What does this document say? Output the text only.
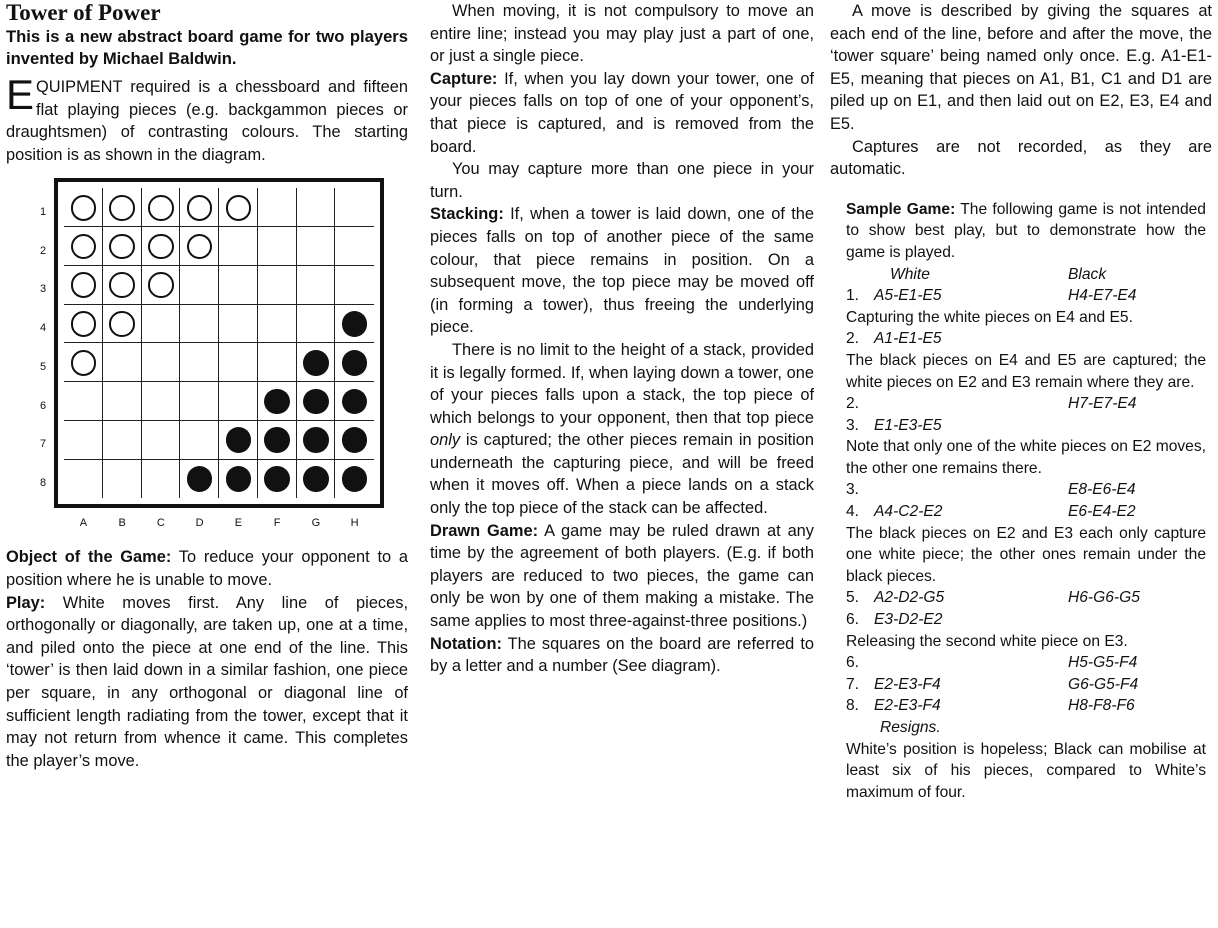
Tower of Power

This is a new abstract board game for two players invented by Michael Baldwin.

EQUIPMENT required is a chessboard and fifteen flat playing pieces (e.g. backgammon pieces or draughtsmen) of contrasting colours. The starting position is as shown in the diagram.

1
2
3
4
5
6
7
8
A	B	C	D	E	F	G	H

Object of the Game: To reduce your opponent to a position where he is unable to move.

Play: White moves first. Any line of pieces, orthogonally or diagonally, are taken up, one at a time, and piled onto the piece at one end of the line. This ‘tower’ is then laid down in a similar fashion, one piece per square, in any orthogonal or diagonal line of sufficient length radiating from the tower, except that it may not return from whence it came. This completes the player’s move.

When moving, it is not compulsory to move an entire line; instead you may play just a part of one, or just a single piece.

Capture: If, when you lay down your tower, one of your pieces falls on top of one of your opponent’s, that piece is captured, and is removed from the board.

You may capture more than one piece in your turn.

Stacking: If, when a tower is laid down, one of the pieces falls on top of another piece of the same colour, that piece remains in position. On a subsequent move, the top piece may be moved off (in forming a tower), thus freeing the underlying piece.

There is no limit to the height of a stack, provided it is legally formed. If, when laying down a tower, one of your pieces falls upon a stack, the top piece of which belongs to your opponent, then that top piece only is captured; the other pieces remain in position underneath the capturing piece, and will be freed when it moves off. When a piece lands on a stack only the top piece of the stack can be affected.

Drawn Game: A game may be ruled drawn at any time by the agreement of both players. (E.g. if both players are reduced to two pieces, the game can only be won by one of them making a mistake. The same applies to most three-against-three positions.)

Notation: The squares on the board are referred to by a letter and a number (See diagram).

A move is described by giving the squares at each end of the line, before and after the move, the ‘tower square’ being named only once. E.g. A1-E1-E5, meaning that pieces on A1, B1, C1 and D1 are piled up on E1, and then laid out on E2, E3, E4 and E5.

Captures are not recorded, as they are automatic.

Sample Game: The following game is not intended to show best play, but to demonstrate how the game is played.

White	Black
1. A5-E1-E5	H4-E7-E4

Capturing the white pieces on E4 and E5.

2. A1-E1-E5

The black pieces on E4 and E5 are captured; the white pieces on E2 and E3 remain where they are.

2.	H7-E7-E4
3. E1-E3-E5

Note that only one of the white pieces on E2 moves, the other one remains there.

3.	E8-E6-E4
4. A4-C2-E2	E6-E4-E2

The black pieces on E2 and E3 each only capture one white piece; the other ones remain under the black pieces.

5. A2-D2-G5	H6-G6-G5
6. E3-D2-E2

Releasing the second white piece on E3.

6.	H5-G5-F4
7. E2-E3-F4	G6-G5-F4
8. E2-E3-F4	H8-F8-F6
Resigns.

White’s position is hopeless; Black can mobilise at least six of his pieces, compared to White’s maximum of four.
